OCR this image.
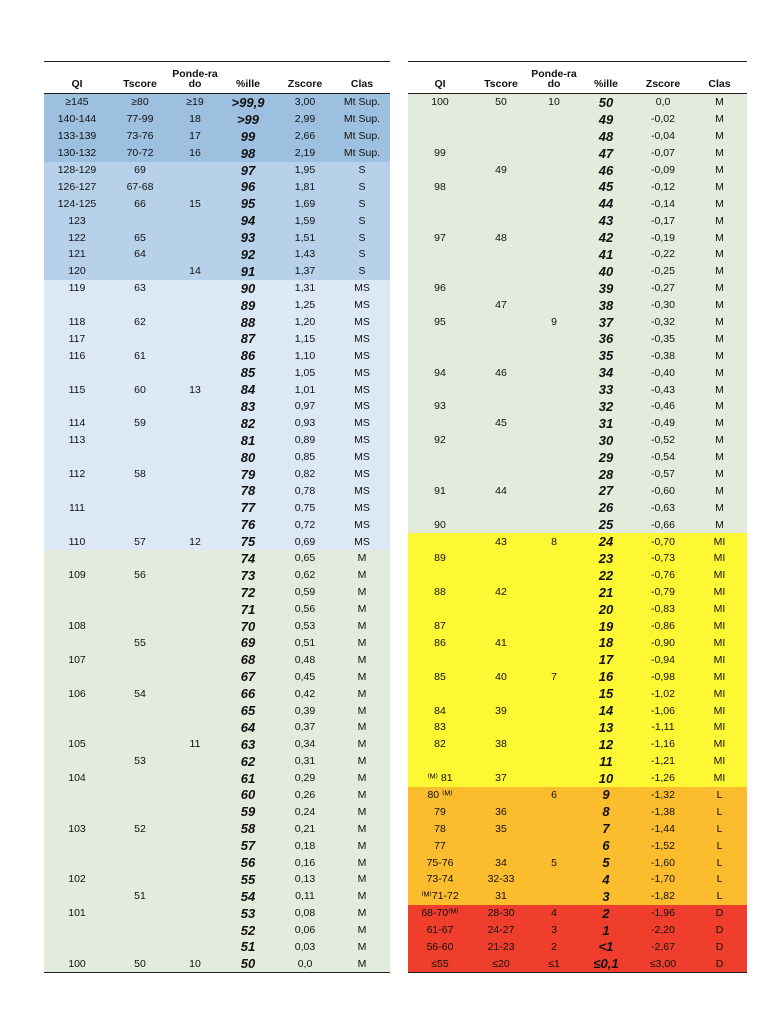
QI	Tscore	Ponde-rado	%ille	Zscore	Clas
≥145	≥80	≥19	>99,9	3,00	Mt Sup.
140-144	77-99	18	>99	2,99	Mt Sup.
133-139	73-76	17	99	2,66	Mt Sup.
130-132	70-72	16	98	2,19	Mt Sup.
128-129	69		97	1,95	S
126-127	67-68		96	1,81	S
124-125	66	15	95	1,69	S
123			94	1,59	S
122	65		93	1,51	S
121	64		92	1,43	S
120		14	91	1,37	S
119	63		90	1,31	MS
			89	1,25	MS
118	62		88	1,20	MS
117			87	1,15	MS
116	61		86	1,10	MS
			85	1,05	MS
115	60	13	84	1,01	MS
			83	0,97	MS
114	59		82	0,93	MS
113			81	0,89	MS
			80	0,85	MS
112	58		79	0,82	MS
			78	0,78	MS
111			77	0,75	MS
			76	0,72	MS
110	57	12	75	0,69	MS
			74	0,65	M
109	56		73	0,62	M
			72	0,59	M
			71	0,56	M
108			70	0,53	M
	55		69	0,51	M
107			68	0,48	M
			67	0,45	M
106	54		66	0,42	M
			65	0,39	M
			64	0,37	M
105		11	63	0,34	M
	53		62	0,31	M
104			61	0,29	M
			60	0,26	M
			59	0,24	M
103	52		58	0,21	M
			57	0,18	M
			56	0,16	M
102			55	0,13	M
	51		54	0,11	M
101			53	0,08	M
			52	0,06	M
			51	0,03	M
100	50	10	50	0,0	M
QI	Tscore	Ponde-rado	%ille	Zscore	Clas
100	50	10	50	0,0	M
			49	-0,02	M
			48	-0,04	M
99			47	-0,07	M
	49		46	-0,09	M
98			45	-0,12	M
			44	-0,14	M
			43	-0,17	M
97	48		42	-0,19	M
			41	-0,22	M
			40	-0,25	M
96			39	-0,27	M
	47		38	-0,30	M
95		9	37	-0,32	M
			36	-0,35	M
			35	-0,38	M
94	46		34	-0,40	M
			33	-0,43	M
93			32	-0,46	M
	45		31	-0,49	M
92			30	-0,52	M
			29	-0,54	M
			28	-0,57	M
91	44		27	-0,60	M
			26	-0,63	M
90			25	-0,66	M
	43	8	24	-0,70	MI
89			23	-0,73	MI
			22	-0,76	MI
88	42		21	-0,79	MI
			20	-0,83	MI
87			19	-0,86	MI
86	41		18	-0,90	MI
			17	-0,94	MI
85	40	7	16	-0,98	MI
			15	-1,02	MI
84	39		14	-1,06	MI
83			13	-1,11	MI
82	38		12	-1,16	MI
			11	-1,21	MI
⁽ᴹ⁾ 81	37		10	-1,26	MI
80 ⁽ᴹ⁾		6	9	-1,32	L
79	36		8	-1,38	L
78	35		7	-1,44	L
77			6	-1,52	L
75-76	34	5	5	-1,60	L
73-74	32-33		4	-1,70	L
⁽ᴹ⁾71-72	31		3	-1,82	L
68-70⁽ᴹ⁾	28-30	4	2	-1,96	D
61-67	24-27	3	1	-2,20	D
56-60	21-23	2	<1	-2,67	D
≤55	≤20	≤1	≤0,1	≤3,00	D
